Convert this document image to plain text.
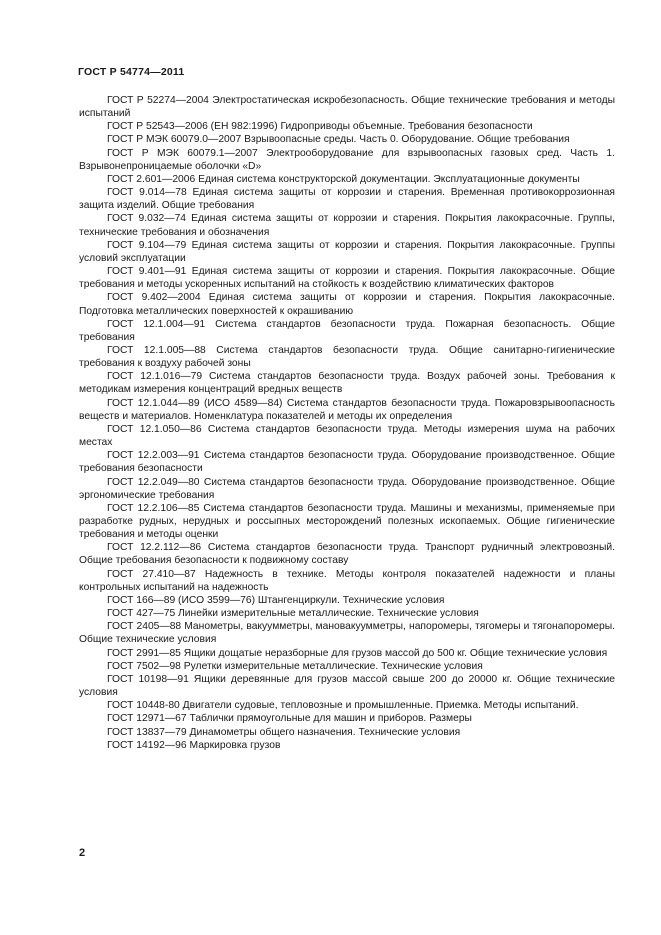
ГОСТ Р 54774—2011

ГОСТ Р 52274—2004 Электростатическая искробезопасность. Общие технические требования и методы испытаний

ГОСТ Р 52543—2006 (ЕН 982:1996) Гидроприводы объемные. Требования безопасности

ГОСТ Р МЭК 60079.0—2007 Взрывоопасные среды. Часть 0. Оборудование. Общие требования

ГОСТ Р МЭК 60079.1—2007 Электрооборудование для взрывоопасных газовых сред. Часть 1. Взрывонепроницаемые оболочки «D»

ГОСТ 2.601—2006 Единая система конструкторской документации. Эксплуатационные документы

ГОСТ 9.014—78 Единая система защиты от коррозии и старения. Временная противокоррозионная защита изделий. Общие требования

ГОСТ 9.032—74 Единая система защиты от коррозии и старения. Покрытия лакокрасочные. Группы, технические требования и обозначения

ГОСТ 9.104—79 Единая система защиты от коррозии и старения. Покрытия лакокрасочные. Группы условий эксплуатации

ГОСТ 9.401—91 Единая система защиты от коррозии и старения. Покрытия лакокрасочные. Общие требования и методы ускоренных испытаний на стойкость к воздействию климатических факторов

ГОСТ 9.402—2004 Единая система защиты от коррозии и старения. Покрытия лакокрасочные. Подготовка металлических поверхностей к окрашиванию

ГОСТ 12.1.004—91 Система стандартов безопасности труда. Пожарная безопасность. Общие требования

ГОСТ 12.1.005—88 Система стандартов безопасности труда. Общие санитарно-гигиенические требования к воздуху рабочей зоны

ГОСТ 12.1.016—79 Система стандартов безопасности труда. Воздух рабочей зоны. Требования к методикам измерения концентраций вредных веществ

ГОСТ 12.1.044—89 (ИСО 4589—84) Система стандартов безопасности труда. Пожаровзрывоопасность веществ и материалов. Номенклатура показателей и методы их определения

ГОСТ 12.1.050—86 Система стандартов безопасности труда. Методы измерения шума на рабочих местах

ГОСТ 12.2.003—91 Система стандартов безопасности труда. Оборудование производственное. Общие требования безопасности

ГОСТ 12.2.049—80 Система стандартов безопасности труда. Оборудование производственное. Общие эргономические требования

ГОСТ 12.2.106—85 Система стандартов безопасности труда. Машины и механизмы, применяемые при разработке рудных, нерудных и россыпных месторождений полезных ископаемых. Общие гигиенические требования и методы оценки

ГОСТ 12.2.112—86 Система стандартов безопасности труда. Транспорт рудничный электровозный. Общие требования безопасности к подвижному составу

ГОСТ 27.410—87 Надежность в технике. Методы контроля показателей надежности и планы контрольных испытаний на надежность

ГОСТ 166—89 (ИСО 3599—76) Штангенциркули. Технические условия

ГОСТ 427—75 Линейки измерительные металлические. Технические условия

ГОСТ 2405—88 Манометры, вакуумметры, мановакуумметры, напоромеры, тягомеры и тягонапоромеры. Общие технические условия

ГОСТ 2991—85 Ящики дощатые неразборные для грузов массой до 500 кг. Общие технические условия

ГОСТ 7502—98 Рулетки измерительные металлические. Технические условия

ГОСТ 10198—91 Ящики деревянные для грузов массой свыше 200 до 20000 кг. Общие технические условия

ГОСТ 10448-80 Двигатели судовые, тепловозные и промышленные. Приемка. Методы испытаний.

ГОСТ 12971—67 Таблички прямоугольные для машин и приборов. Размеры

ГОСТ 13837—79 Динамометры общего назначения. Технические условия

ГОСТ 14192—96 Маркировка грузов

2
